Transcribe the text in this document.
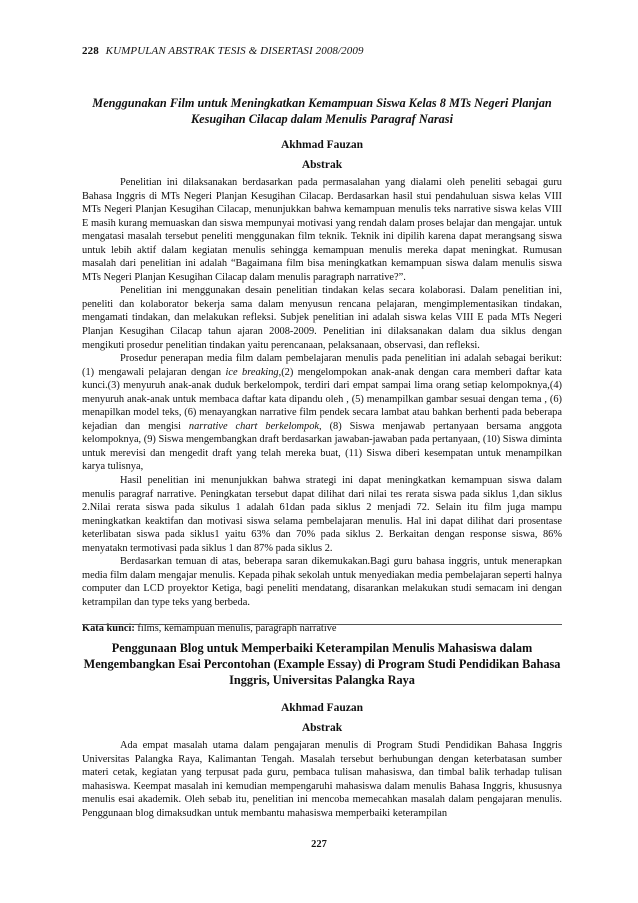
228 KUMPULAN ABSTRAK TESIS & DISERTASI 2008/2009
Menggunakan Film untuk Meningkatkan Kemampuan Siswa Kelas 8 MTs Negeri Planjan
Kesugihan Cilacap dalam Menulis Paragraf Narasi
Akhmad Fauzan
Abstrak

Penelitian ini dilaksanakan berdasarkan pada permasalahan yang dialami oleh peneliti sebagai guru Bahasa Inggris di MTs Negeri Planjan Kesugihan Cilacap. Berdasarkan hasil stui pendahuluan siswa kelas VIII MTs Negeri Planjan Kesugihan Cilacap, menunjukkan bahwa kemampuan menulis teks narrative siswa kelas VIII E masih kurang memuaskan dan siswa mempunyai motivasi yang rendah dalam proses belajar dan mengajar. untuk mengatasi masalah tersebut peneliti menggunakan film teknik. Teknik ini dipilih karena dapat merangsang siswa untuk lebih aktif dalam kegiatan menulis sehingga kemampuan menulis mereka dapat meningkat. Rumusan masalah dari penelitian ini adalah “Bagaimana film bisa meningkatkan kemampuan siswa dalam menulis siswa MTs Negeri Planjan Kesugihan Cilacap dalam menulis paragraph narrative?”.

Penelitian ini menggunakan desain penelitian tindakan kelas secara kolaborasi. Dalam penelitian ini, peneliti dan kolaborator bekerja sama dalam menyusun rencana pelajaran, mengimplementasikan tindakan, mengamati tindakan, dan melakukan refleksi. Subjek penelitian ini adalah siswa kelas VIII E pada MTs Negeri Planjan Kesugihan Cilacap tahun ajaran 2008-2009. Penelitian ini dilaksanakan dalam dua siklus dengan mengikuti prosedur penelitian tindakan yaitu perencanaan, pelaksanaan, observasi, dan refleksi.

Prosedur penerapan media film dalam pembelajaran menulis pada penelitian ini adalah sebagai berikut: (1) mengawali pelajaran dengan ice breaking,(2) mengelompokan anak-anak dengan cara memberi daftar kata kunci.(3) menyuruh anak-anak duduk berkelompok, terdiri dari empat sampai lima orang setiap kelompoknya,(4) menyuruh anak-anak untuk membaca daftar kata dipandu oleh , (5) menampilkan gambar sesuai dengan tema , (6) menapilkan model teks, (6) menayangkan narrative film pendek secara lambat atau bahkan berhenti pada beberapa kejadian dan mengisi narrative chart berkelompok, (8) Siswa menjawab pertanyaan bersama anggota kelompoknya, (9) Siswa mengembangkan draft berdasarkan jawaban-jawaban pada pertanyaan, (10) Siswa diminta untuk merevisi dan mengedit draft yang telah mereka buat, (11) Siswa diberi kesempatan untuk menampilkan karya tulisnya,

Hasil penelitian ini menunjukkan bahwa strategi ini dapat meningkatkan kemampuan siswa dalam menulis paragraf narrative. Peningkatan tersebut dapat dilihat dari nilai tes rerata siswa pada siklus 1,dan siklus 2.Nilai rerata siswa pada sikulus 1 adalah 61dan pada siklus 2 menjadi 72. Selain itu film juga mampu meningkatkan keaktifan dan motivasi siswa selama pembelajaran menulis. Hal ini dapat dilihat dari prosentase keterlibatan siswa pada siklus1 yaitu 63% dan 70% pada siklus 2. Berkaitan dengan response siswa, 86% menyatakn termotivasi pada siklus 1 dan 87% pada siklus 2.

Berdasarkan temuan di atas, beberapa saran dikemukakan.Bagi guru bahasa inggris, untuk menerapkan media film dalam mengajar menulis. Kepada pihak sekolah untuk menyediakan media pembelajaran seperti halnya computer dan LCD proyektor Ketiga, bagi peneliti mendatang, disarankan melakukan studi semacam ini dengan ketrampilan dan type teks yang berbeda.

Kata kunci: films, kemampuan menulis, paragraph narrative
Penggunaan Blog untuk Memperbaiki Keterampilan Menulis Mahasiswa dalam
Mengembangkan Esai Percontohan (Example Essay) di Program Studi Pendidikan Bahasa
Inggris, Universitas Palangka Raya
Akhmad Fauzan
Abstrak

Ada empat masalah utama dalam pengajaran menulis di Program Studi Pendidikan Bahasa Inggris Universitas Palangka Raya, Kalimantan Tengah. Masalah tersebut berhubungan dengan keterbatasan sumber materi cetak, kegiatan yang terpusat pada guru, pembaca tulisan mahasiswa, dan timbal balik terhadap tulisan mahasiswa. Keempat masalah ini kemudian mempengaruhi mahasiswa dalam menulis Bahasa Inggris, khususnya menulis esai akademik. Oleh sebab itu, penelitian ini mencoba memecahkan masalah dalam pengajaran menulis. Penggunaan blog dimaksudkan untuk membantu mahasiswa memperbaiki keterampilan

227
